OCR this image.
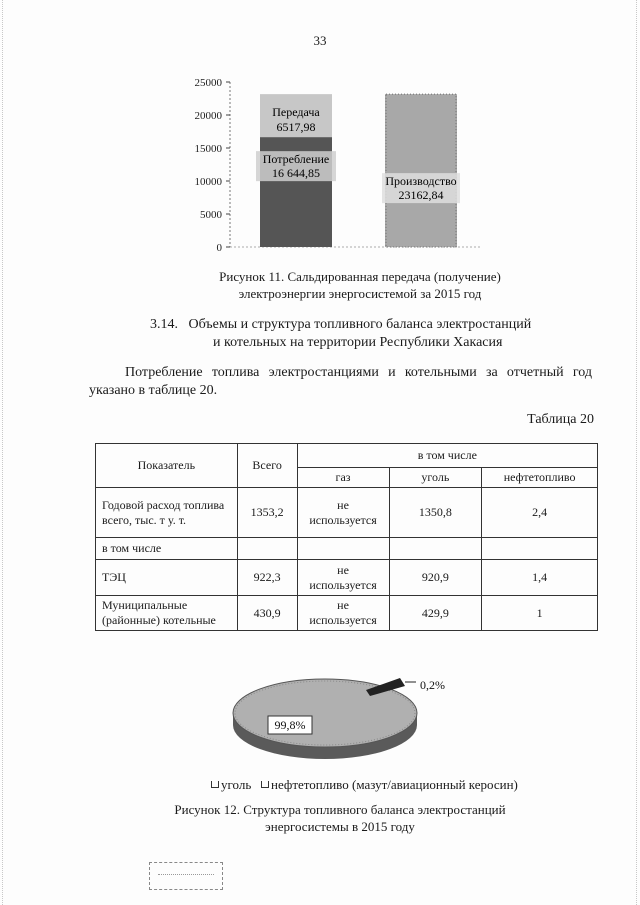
33
0
5000
10000
15000
20000
25000
Передача
6517,98
Потребление
16 644,85
Производство
23162,84
Рисунок 11. Сальдированная передача (получение)
электроэнергии энергосистемой за 2015 год
3.14. Объемы и структура топливного баланса электростанций
и котельных на территории Республики Хакасия
Потребление топлива электростанциями и котельными за отчетный год указано в таблице 20.
Таблица 20
Показатель	Всего	в том числе		
		газ	уголь	нефтетопливо
Годовой расход топлива всего, тыс. т у. т.	1353,2	не используется	1350,8	2,4
в том числе				
ТЭЦ	922,3	не используется	920,9	1,4
Муниципальные (районные) котельные	430,9	не используется	429,9	1
0,2%
99,8%
уголь нефтетопливо (мазут/авиационный керосин)
Рисунок 12. Структура топливного баланса электростанций
энергосистемы в 2015 году
